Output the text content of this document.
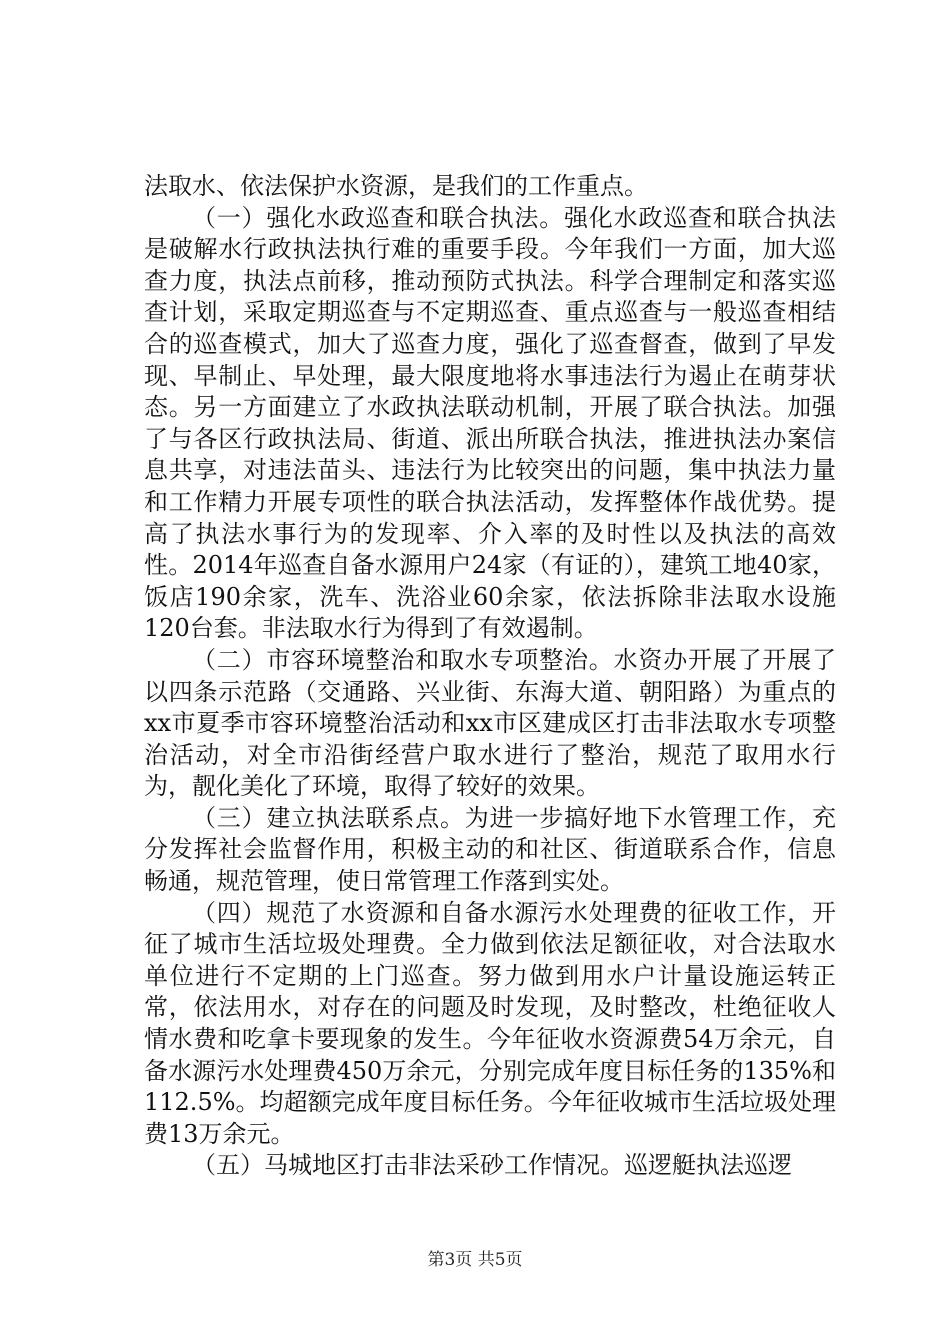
法取水、依法保护水资源，是我们的工作重点。

（一）强化水政巡查和联合执法。强化水政巡查和联合执法是破解水行政执法执行难的重要手段。今年我们一方面，加大巡查力度，执法点前移，推动预防式执法。科学合理制定和落实巡查计划，采取定期巡查与不定期巡查、重点巡查与一般巡查相结合的巡查模式，加大了巡查力度，强化了巡查督查，做到了早发现、早制止、早处理，最大限度地将水事违法行为遏止在萌芽状态。另一方面建立了水政执法联动机制，开展了联合执法。加强了与各区行政执法局、街道、派出所联合执法，推进执法办案信息共享，对违法苗头、违法行为比较突出的问题，集中执法力量和工作精力开展专项性的联合执法活动，发挥整体作战优势。提高了执法水事行为的发现率、介入率的及时性以及执法的高效性。2014年巡查自备水源用户24家（有证的），建筑工地40家，饭店190余家，洗车、洗浴业60余家，依法拆除非法取水设施120台套。非法取水行为得到了有效遏制。

（二）市容环境整治和取水专项整治。水资办开展了开展了以四条示范路（交通路、兴业街、东海大道、朝阳路）为重点的xx市夏季市容环境整治活动和xx市区建成区打击非法取水专项整治活动，对全市沿街经营户取水进行了整治，规范了取用水行为，靓化美化了环境，取得了较好的效果。

（三）建立执法联系点。为进一步搞好地下水管理工作，充分发挥社会监督作用，积极主动的和社区、街道联系合作，信息畅通，规范管理，使日常管理工作落到实处。

（四）规范了水资源和自备水源污水处理费的征收工作，开征了城市生活垃圾处理费。全力做到依法足额征收，对合法取水单位进行不定期的上门巡查。努力做到用水户计量设施运转正常，依法用水，对存在的问题及时发现，及时整改，杜绝征收人情水费和吃拿卡要现象的发生。今年征收水资源费54万余元，自备水源污水处理费450万余元，分别完成年度目标任务的135%和112.5%。均超额完成年度目标任务。今年征收城市生活垃圾处理费13万余元。

（五）马城地区打击非法采砂工作情况。巡逻艇执法巡逻

第3页 共5页
